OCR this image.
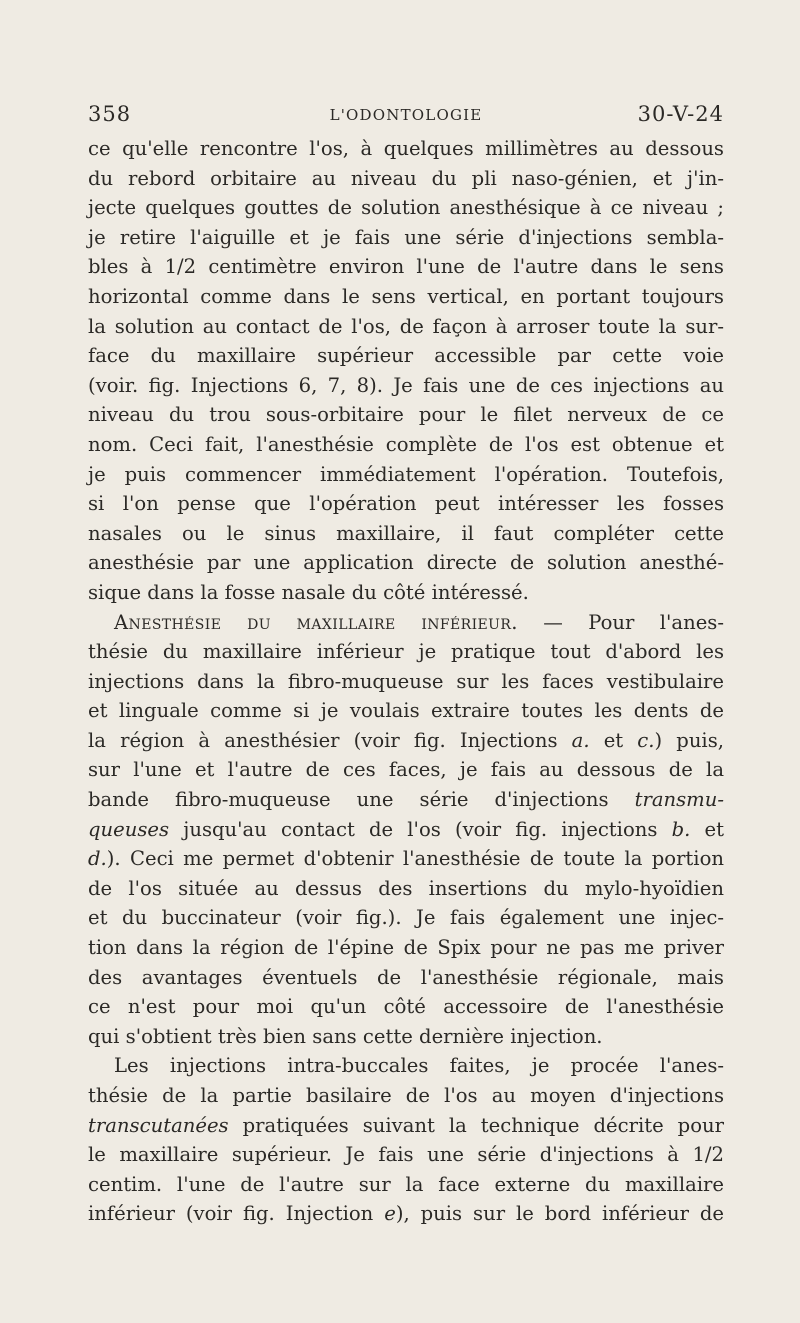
358	L'ODONTOLOGIE	30-V-24
ce qu'elle rencontre l'os, à quelques millimètres au dessous
du rebord orbitaire au niveau du pli naso-génien, et j'in-
jecte quelques gouttes de solution anesthésique à ce niveau ;
je retire l'aiguille et je fais une série d'injections sembla-
bles à 1/2 centimètre environ l'une de l'autre dans le sens
horizontal comme dans le sens vertical, en portant toujours
la solution au contact de l'os, de façon à arroser toute la sur-
face du maxillaire supérieur accessible par cette voie
(voir. fig. Injections 6, 7, 8). Je fais une de ces injections au
niveau du trou sous-orbitaire pour le filet nerveux de ce
nom. Ceci fait, l'anesthésie complète de l'os est obtenue et
je puis commencer immédiatement l'opération. Toutefois,
si l'on pense que l'opération peut intéresser les fosses
nasales ou le sinus maxillaire, il faut compléter cette
anesthésie par une application directe de solution anesthé-
sique dans la fosse nasale du côté intéressé.
Anesthésie du maxillaire inférieur. — Pour l'anes-
thésie du maxillaire inférieur je pratique tout d'abord les
injections dans la fibro-muqueuse sur les faces vestibulaire
et linguale comme si je voulais extraire toutes les dents de
la région à anesthésier (voir fig. Injections a. et c.) puis,
sur l'une et l'autre de ces faces, je fais au dessous de la
bande fibro-muqueuse une série d'injections transmu-
queuses jusqu'au contact de l'os (voir fig. injections b. et
d.). Ceci me permet d'obtenir l'anesthésie de toute la portion
de l'os située au dessus des insertions du mylo-hyoïdien
et du buccinateur (voir fig.). Je fais également une injec-
tion dans la région de l'épine de Spix pour ne pas me priver
des avantages éventuels de l'anesthésie régionale, mais
ce n'est pour moi qu'un côté accessoire de l'anesthésie
qui s'obtient très bien sans cette dernière injection.
Les injections intra-buccales faites, je procée l'anes-
thésie de la partie basilaire de l'os au moyen d'injections
transcutanées pratiquées suivant la technique décrite pour
le maxillaire supérieur. Je fais une série d'injections à 1/2
centim. l'une de l'autre sur la face externe du maxillaire
inférieur (voir fig. Injection e), puis sur le bord inférieur de
